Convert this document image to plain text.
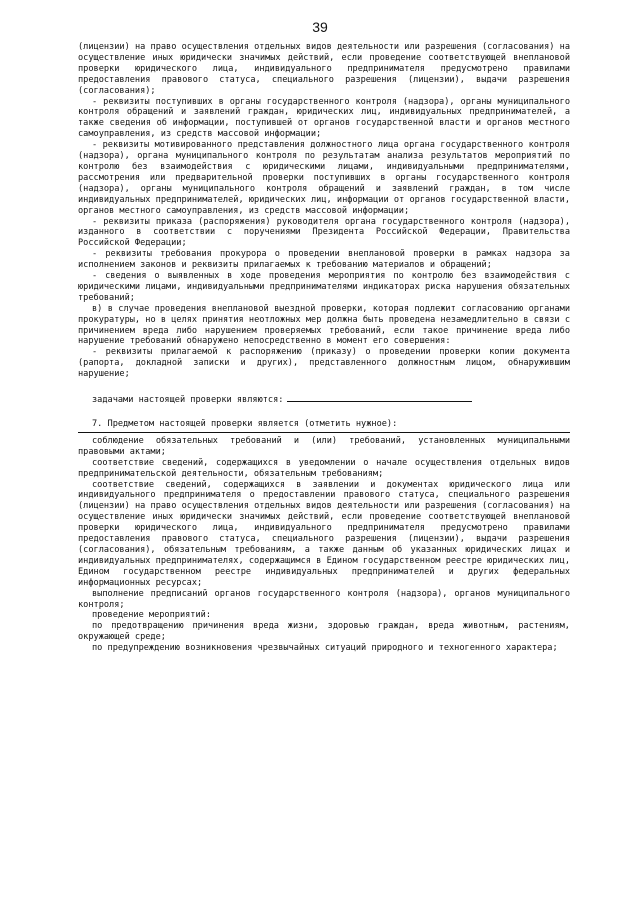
39

(лицензии) на право осуществления отдельных видов деятельности или разрешения (согласования) на осуществление иных юридически значимых действий, если проведение соответствующей внеплановой проверки юридического лица, индивидуального предпринимателя предусмотрено правилами предоставления правового статуса, специального разрешения (лицензии), выдачи разрешения (согласования);

- реквизиты поступивших в органы государственного контроля (надзора), органы муниципального контроля обращений и заявлений граждан, юридических лиц, индивидуальных предпринимателей, а также сведения об информации, поступившей от органов государственной власти и органов местного самоуправления, из средств массовой информации;

- реквизиты мотивированного представления должностного лица органа государственного контроля (надзора), органа муниципального контроля по результатам анализа результатов мероприятий по контролю без взаимодействия с юридическими лицами, индивидуальными предпринимателями, рассмотрения или предварительной проверки поступивших в органы государственного контроля (надзора), органы муниципального контроля обращений и заявлений граждан, в том числе индивидуальных предпринимателей, юридических лиц, информации от органов государственной власти, органов местного самоуправления, из средств массовой информации;

- реквизиты приказа (распоряжения) руководителя органа государственного контроля (надзора), изданного в соответствии с поручениями Президента Российской Федерации, Правительства Российской Федерации;

- реквизиты требования прокурора о проведении внеплановой проверки в рамках надзора за исполнением законов и реквизиты прилагаемых к требованию материалов и обращений;

- сведения о выявленных в ходе проведения мероприятия по контролю без взаимодействия с юридическими лицами, индивидуальными предпринимателями индикаторах риска нарушения обязательных требований;

в) в случае проведения внеплановой выездной проверки, которая подлежит согласованию органами прокуратуры, но в целях принятия неотложных мер должна быть проведена незамедлительно в связи с причинением вреда либо нарушением проверяемых требований, если такое причинение вреда либо нарушение требований обнаружено непосредственно в момент его совершения:

- реквизиты прилагаемой к распоряжению (приказу) о проведении проверки копии документа (рапорта, докладной записки и других), представленного должностным лицом, обнаружившим нарушение;

задачами настоящей проверки являются:

7. Предметом настоящей проверки является (отметить нужное):

соблюдение обязательных требований и (или) требований, установленных муниципальными правовыми актами;

соответствие сведений, содержащихся в уведомлении о начале осуществления отдельных видов предпринимательской деятельности, обязательным требованиям;

соответствие сведений, содержащихся в заявлении и документах юридического лица или индивидуального предпринимателя о предоставлении правового статуса, специального разрешения (лицензии) на право осуществления отдельных видов деятельности или разрешения (согласования) на осуществление иных юридически значимых действий, если проведение соответствующей внеплановой проверки юридического лица, индивидуального предпринимателя предусмотрено правилами предоставления правового статуса, специального разрешения (лицензии), выдачи разрешения (согласования), обязательным требованиям, а также данным об указанных юридических лицах и индивидуальных предпринимателях, содержащимся в Едином государственном реестре юридических лиц, Едином государственном реестре индивидуальных предпринимателей и других федеральных информационных ресурсах;

выполнение предписаний органов государственного контроля (надзора), органов муниципального контроля;

проведение мероприятий:

по предотвращению причинения вреда жизни, здоровью граждан, вреда животным, растениям, окружающей среде;

по предупреждению возникновения чрезвычайных ситуаций природного и техногенного характера;
